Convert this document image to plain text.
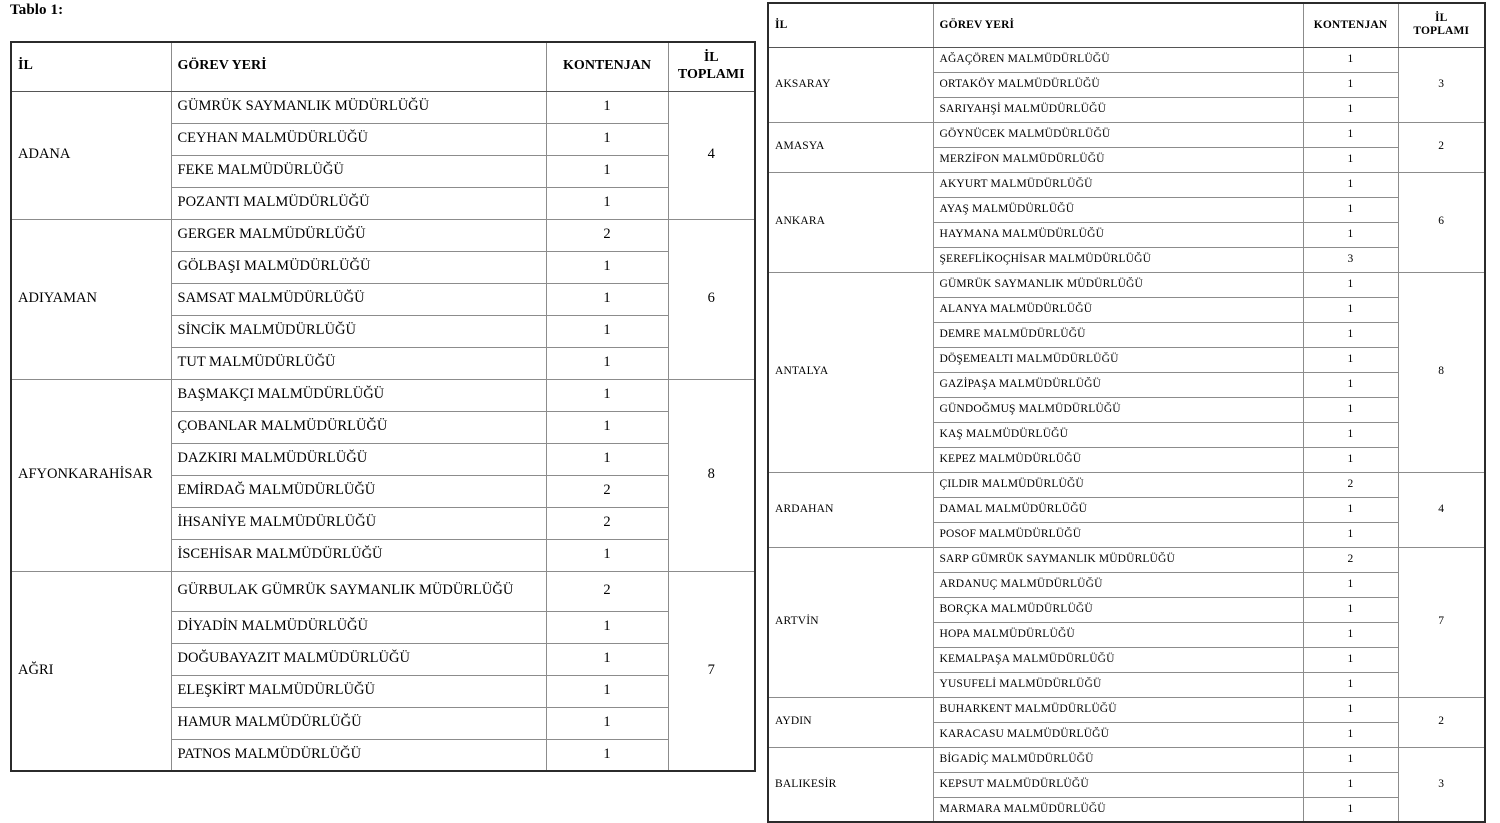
Tablo 1:
İL	GÖREV YERİ	KONTENJAN	İL
TOPLAMI

ADANA	GÜMRÜK SAYMANLIK MÜDÜRLÜĞÜ	1	4
	CEYHAN MALMÜDÜRLÜĞÜ	1	
	FEKE MALMÜDÜRLÜĞÜ	1	
	POZANTI MALMÜDÜRLÜĞÜ	1	
ADIYAMAN	GERGER MALMÜDÜRLÜĞÜ	2	6
	GÖLBAŞI MALMÜDÜRLÜĞÜ	1	
	SAMSAT MALMÜDÜRLÜĞÜ	1	
	SİNCİK MALMÜDÜRLÜĞÜ	1	
	TUT MALMÜDÜRLÜĞÜ	1	
AFYONKARAHİSAR	BAŞMAKÇI MALMÜDÜRLÜĞÜ	1	8
	ÇOBANLAR MALMÜDÜRLÜĞÜ	1	
	DAZKIRI MALMÜDÜRLÜĞÜ	1	
	EMİRDAĞ MALMÜDÜRLÜĞÜ	2	
	İHSANİYE MALMÜDÜRLÜĞÜ	2	
	İSCEHİSAR MALMÜDÜRLÜĞÜ	1	
AĞRI	GÜRBULAK GÜMRÜK SAYMANLIK MÜDÜRLÜĞÜ	2	7
	DİYADİN MALMÜDÜRLÜĞÜ	1	
	DOĞUBAYAZIT MALMÜDÜRLÜĞÜ	1	
	ELEŞKİRT MALMÜDÜRLÜĞÜ	1	
	HAMUR MALMÜDÜRLÜĞÜ	1	
	PATNOS MALMÜDÜRLÜĞÜ	1	
İL	GÖREV YERİ	KONTENJAN	İL
TOPLAMI

AKSARAY	AĞAÇÖREN MALMÜDÜRLÜĞÜ	1	3
	ORTAKÖY MALMÜDÜRLÜĞÜ	1	
	SARIYAHŞİ MALMÜDÜRLÜĞÜ	1	
AMASYA	GÖYNÜCEK MALMÜDÜRLÜĞÜ	1	2
	MERZİFON MALMÜDÜRLÜĞÜ	1	
ANKARA	AKYURT MALMÜDÜRLÜĞÜ	1	6
	AYAŞ MALMÜDÜRLÜĞÜ	1	
	HAYMANA MALMÜDÜRLÜĞÜ	1	
	ŞEREFLİKOÇHİSAR MALMÜDÜRLÜĞÜ	3	
ANTALYA	GÜMRÜK SAYMANLIK MÜDÜRLÜĞÜ	1	8
	ALANYA MALMÜDÜRLÜĞÜ	1	
	DEMRE MALMÜDÜRLÜĞÜ	1	
	DÖŞEMEALTI MALMÜDÜRLÜĞÜ	1	
	GAZİPAŞA MALMÜDÜRLÜĞÜ	1	
	GÜNDOĞMUŞ MALMÜDÜRLÜĞÜ	1	
	KAŞ MALMÜDÜRLÜĞÜ	1	
	KEPEZ MALMÜDÜRLÜĞÜ	1	
ARDAHAN	ÇILDIR MALMÜDÜRLÜĞÜ	2	4
	DAMAL MALMÜDÜRLÜĞÜ	1	
	POSOF MALMÜDÜRLÜĞÜ	1	
ARTVİN	SARP GÜMRÜK SAYMANLIK MÜDÜRLÜĞÜ	2	7
	ARDANUÇ MALMÜDÜRLÜĞÜ	1	
	BORÇKA MALMÜDÜRLÜĞÜ	1	
	HOPA MALMÜDÜRLÜĞÜ	1	
	KEMALPAŞA MALMÜDÜRLÜĞÜ	1	
	YUSUFELİ MALMÜDÜRLÜĞÜ	1	
AYDIN	BUHARKENT MALMÜDÜRLÜĞÜ	1	2
	KARACASU MALMÜDÜRLÜĞÜ	1	
BALIKESİR	BİGADİÇ MALMÜDÜRLÜĞÜ	1	3
	KEPSUT MALMÜDÜRLÜĞÜ	1	
	MARMARA MALMÜDÜRLÜĞÜ	1	
